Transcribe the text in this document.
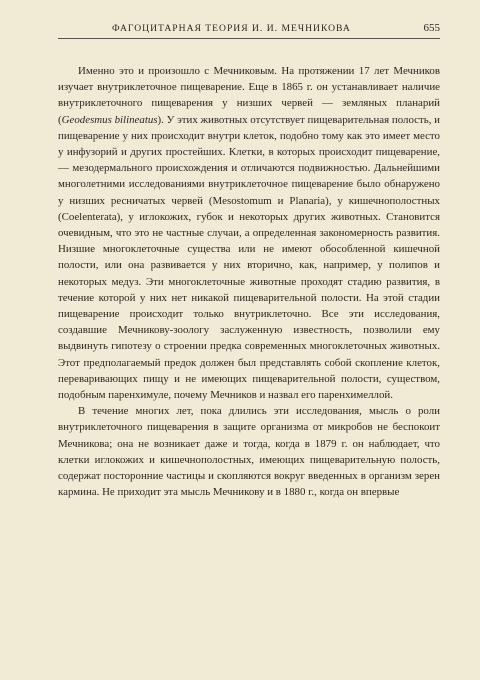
ФАГОЦИТАРНАЯ ТЕОРИЯ И. И. МЕЧНИКОВА	655

Именно это и произошло с Мечниковым. На протяжении 17 лет Мечников изучает внутриклеточное пищеварение. Еще в 1865 г. он устанавливает наличие внутриклеточного пищеварения у низших червей — земляных планарий (Geodesmus bilineatus). У этих животных отсутствует пищеварительная полость, и пищеварение у них происходит внутри клеток, подобно тому как это имеет место у инфузорий и других простейших. Клетки, в которых происходит пищеварение,— мезодермального происхождения и отличаются подвижностью. Дальнейшими многолетними исследованиями внутриклеточное пищеварение было обнаружено у низших ресничатых червей (Mesostomum и Planaria), у кишечнополостных (Coelenterata), у иглокожих, губок и некоторых других животных. Становится очевидным, что это не частные случаи, а определенная закономерность развития. Низшие многоклеточные существа или не имеют обособленной кишечной полости, или она развивается у них вторично, как, например, у полипов и некоторых медуз. Эти многоклеточные животные проходят стадию развития, в течение которой у них нет никакой пищеварительной полости. На этой стадии пищеварение происходит только внутриклеточно. Все эти исследования, создавшие Мечникову-зоологу заслуженную известность, позволили ему выдвинуть гипотезу о строении предка современных многоклеточных животных. Этот предполагаемый предок должен был представлять собой скопление клеток, переваривающих пищу и не имеющих пищеварительной полости, существом, подобным паренхимуле, почему Мечников и назвал его паренхимеллой.

В течение многих лет, пока длились эти исследования, мысль о роли внутриклеточного пищеварения в защите организма от микробов не беспокоит Мечникова; она не возникает даже и тогда, когда в 1879 г. он наблюдает, что клетки иглокожих и кишечнополостных, имеющих пищеварительную полость, содержат посторонние частицы и скопляются вокруг введенных в организм зерен кармина. Не приходит эта мысль Мечникову и в 1880 г., когда он впервые
